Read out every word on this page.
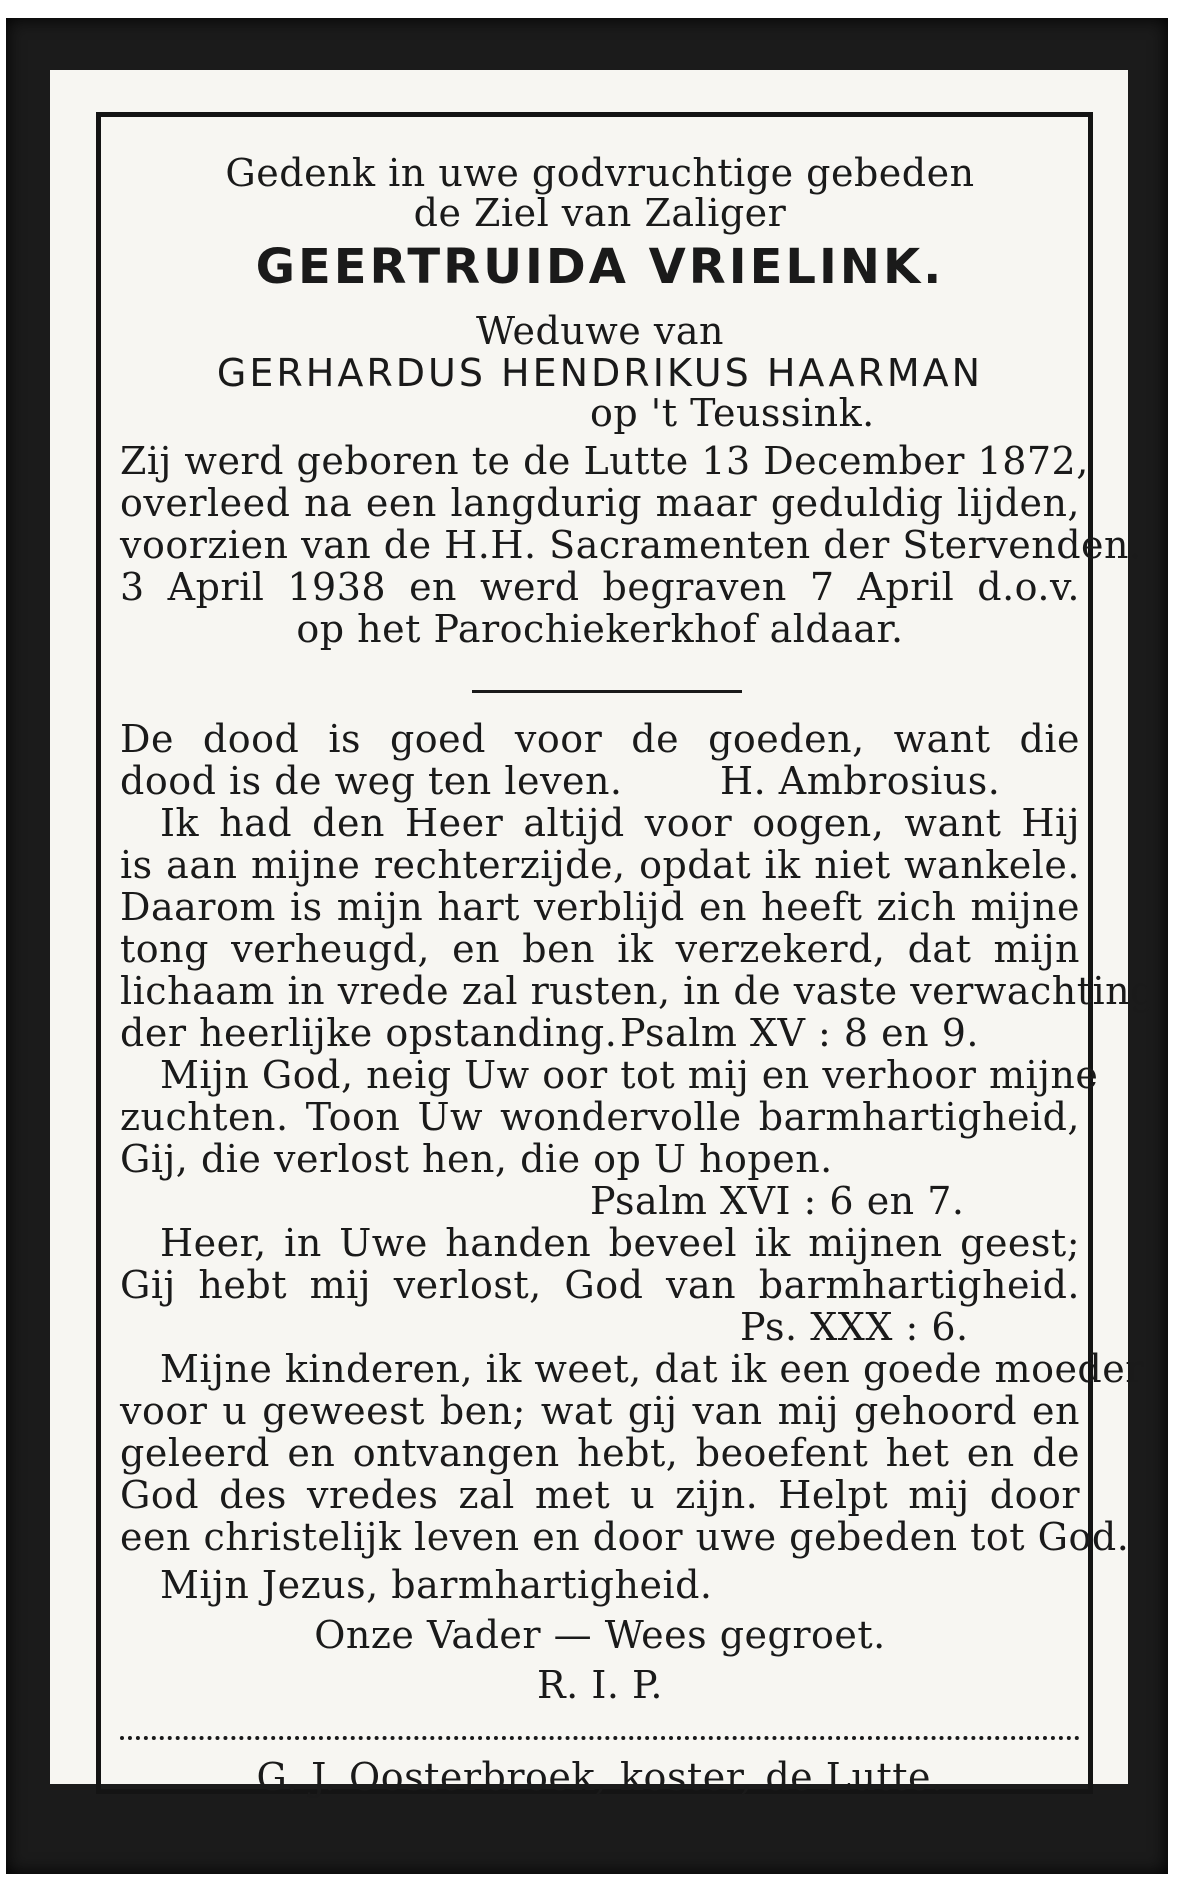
Gedenk in uwe godvruchtige gebeden
de Ziel van Zaliger
GEERTRUIDA VRIELINK.
Weduwe van
GERHARDUS HENDRIKUS HAARMAN
op 't Teussink.
Zij werd geboren te de Lutte 13 December 1872,
overleed na een langdurig maar geduldig lijden,
voorzien van de H.H. Sacramenten der Stervenden.
3 April 1938 en werd begraven 7 April d.o.v.
op het Parochiekerkhof aldaar.
De dood is goed voor de goeden, want die
dood is de weg ten leven.	H. Ambrosius.
Ik had den Heer altijd voor oogen, want Hij
is aan mijne rechterzijde, opdat ik niet wankele.
Daarom is mijn hart verblijd en heeft zich mijne
tong verheugd, en ben ik verzekerd, dat mijn
lichaam in vrede zal rusten, in de vaste verwachting
der heerlijke opstanding. Psalm XV : 8 en 9.
Mijn God, neig Uw oor tot mij en verhoor mijne
zuchten. Toon Uw wondervolle barmhartigheid,
Gij, die verlost hen, die op U hopen.
Psalm XVI : 6 en 7.
Heer, in Uwe handen beveel ik mijnen geest;
Gij hebt mij verlost, God van barmhartigheid.
Ps. XXX : 6.
Mijne kinderen, ik weet, dat ik een goede moeder
voor u geweest ben; wat gij van mij gehoord en
geleerd en ontvangen hebt, beoefent het en de
God des vredes zal met u zijn. Helpt mij door
een christelijk leven en door uwe gebeden tot God.
Mijn Jezus, barmhartigheid.
Onze Vader — Wees gegroet.
R. I. P.
G. J. Oosterbroek, koster, de Lutte.
